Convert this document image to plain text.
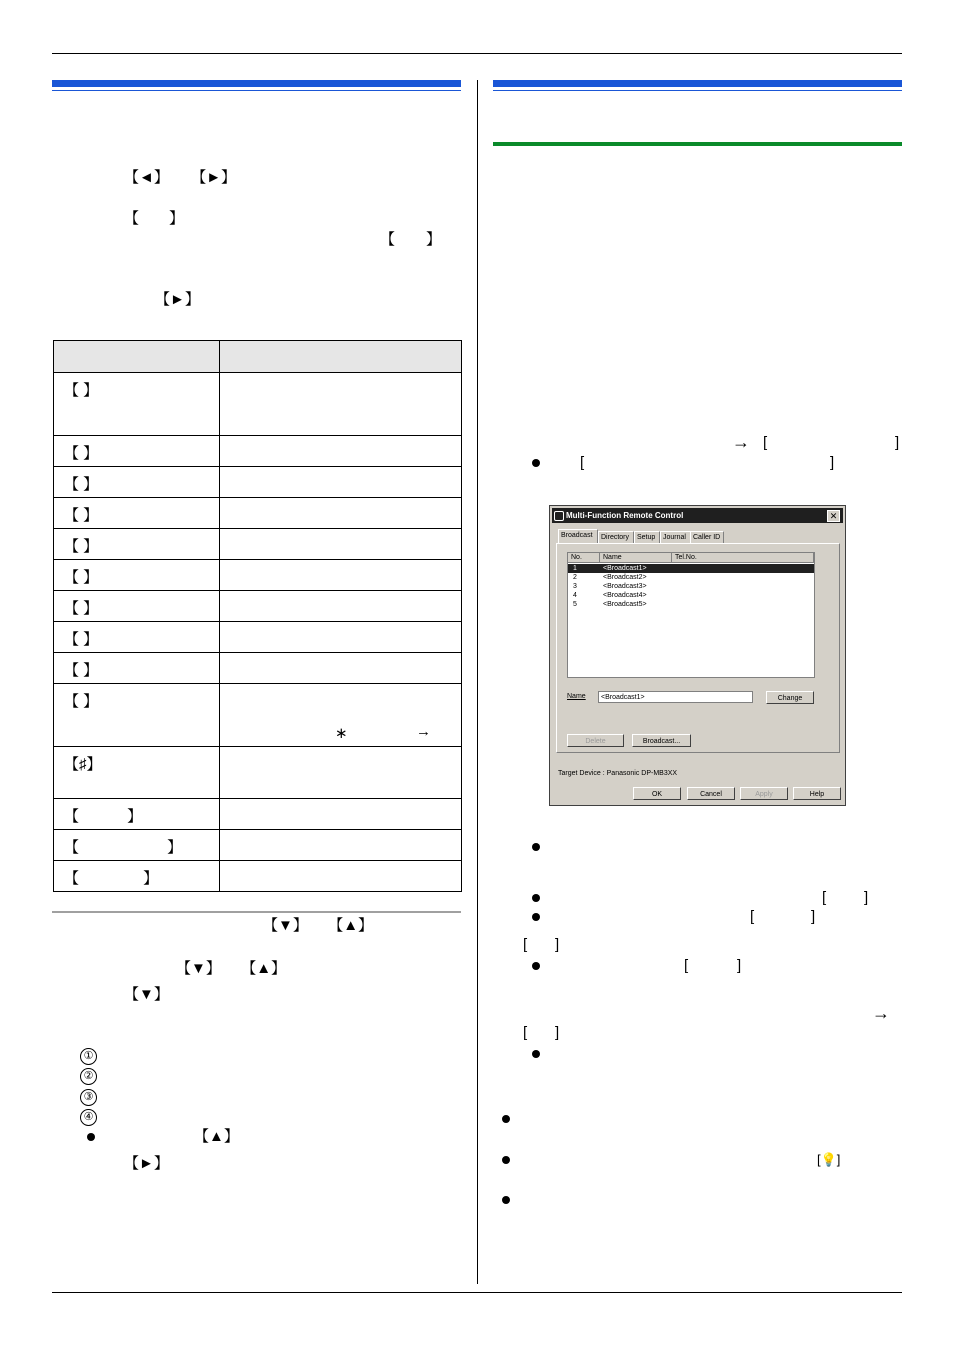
【◄】 【►】
【 】
【 】
【►】

【 】	

【 】	

【 】	

【 】	

【 】	

【 】	

【 】	

【 】	

【 】	

【 】	∗ →

【♯】	

【 】	

【 】	

【 】	

【▼】 【▲】
【▼】 【▲】
【▼】
①
②
③
④
【▲】
【►】
→ [	]
[	]
Multi-Function Remote Control	✕
Broadcast	Directory	Setup	Journal	Caller ID
No.	Name	Tel.No.
1	<Broadcast1>
2	<Broadcast2>
3	<Broadcast3>
4	<Broadcast4>
5	<Broadcast5>
Name	<Broadcast1>	Change
Delete	Broadcast...
Target Device : Panasonic DP-MB3XX
OK	Cancel	Apply	Help
[	]
[	]
[ ]
[	]
→
[ ]
[💡]
